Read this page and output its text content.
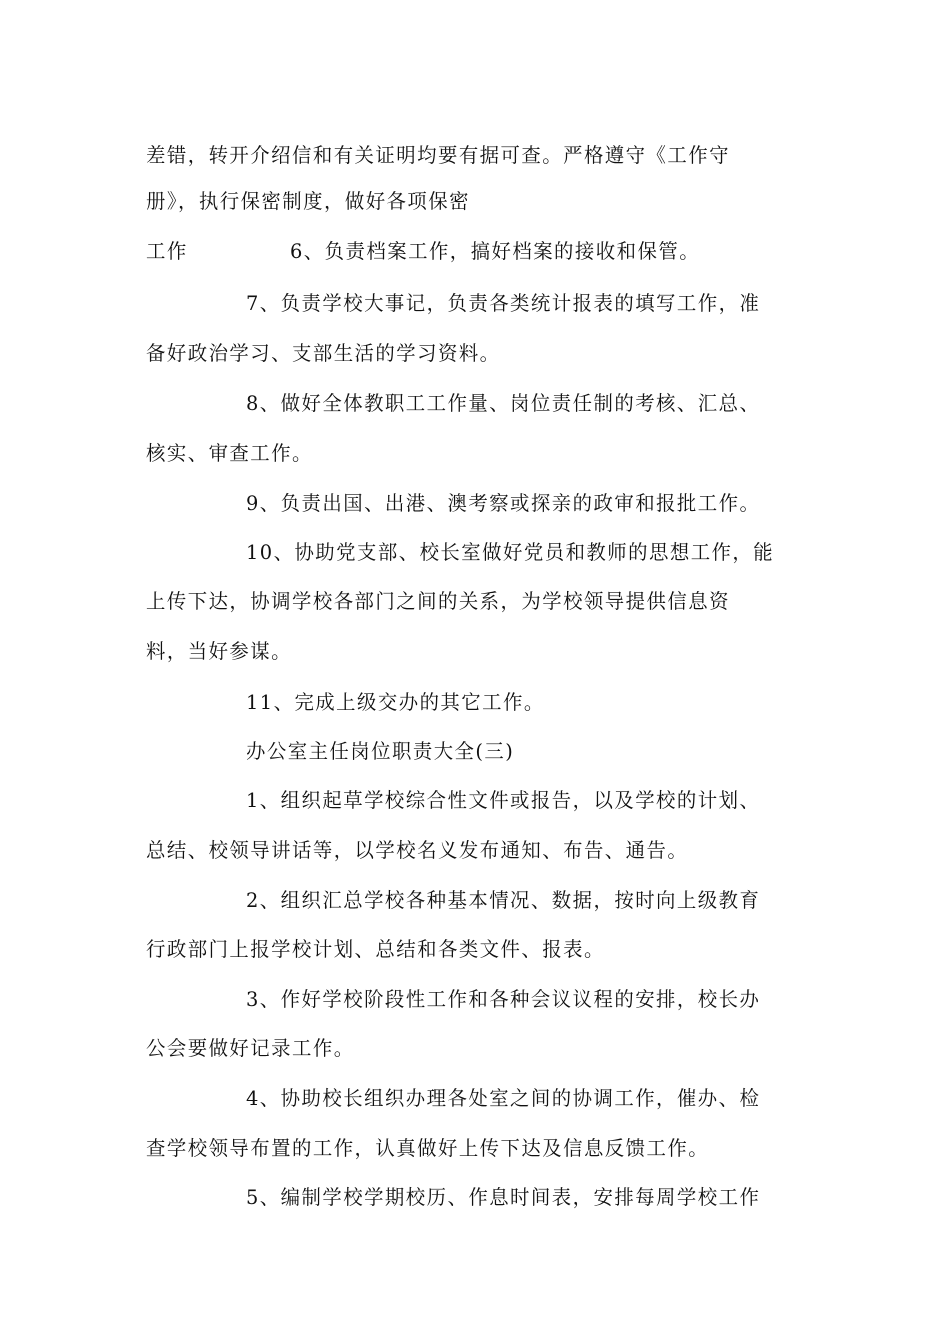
差错，转开介绍信和有关证明均要有据可查。严格遵守《工作守

册》，执行保密制度，做好各项保密

工作	6、负责档案工作，搞好档案的接收和保管。

7、负责学校大事记，负责各类统计报表的填写工作，准

备好政治学习、支部生活的学习资料。

8、做好全体教职工工作量、岗位责任制的考核、汇总、

核实、审查工作。

9、负责出国、出港、澳考察或探亲的政审和报批工作。

10、协助党支部、校长室做好党员和教师的思想工作，能

上传下达，协调学校各部门之间的关系，为学校领导提供信息资

料，当好参谋。

11、完成上级交办的其它工作。

办公室主任岗位职责大全(三)

1、组织起草学校综合性文件或报告，以及学校的计划、

总结、校领导讲话等，以学校名义发布通知、布告、通告。

2、组织汇总学校各种基本情况、数据，按时向上级教育

行政部门上报学校计划、总结和各类文件、报表。

3、作好学校阶段性工作和各种会议议程的安排，校长办

公会要做好记录工作。

4、协助校长组织办理各处室之间的协调工作，催办、检

查学校领导布置的工作，认真做好上传下达及信息反馈工作。

5、编制学校学期校历、作息时间表，安排每周学校工作
